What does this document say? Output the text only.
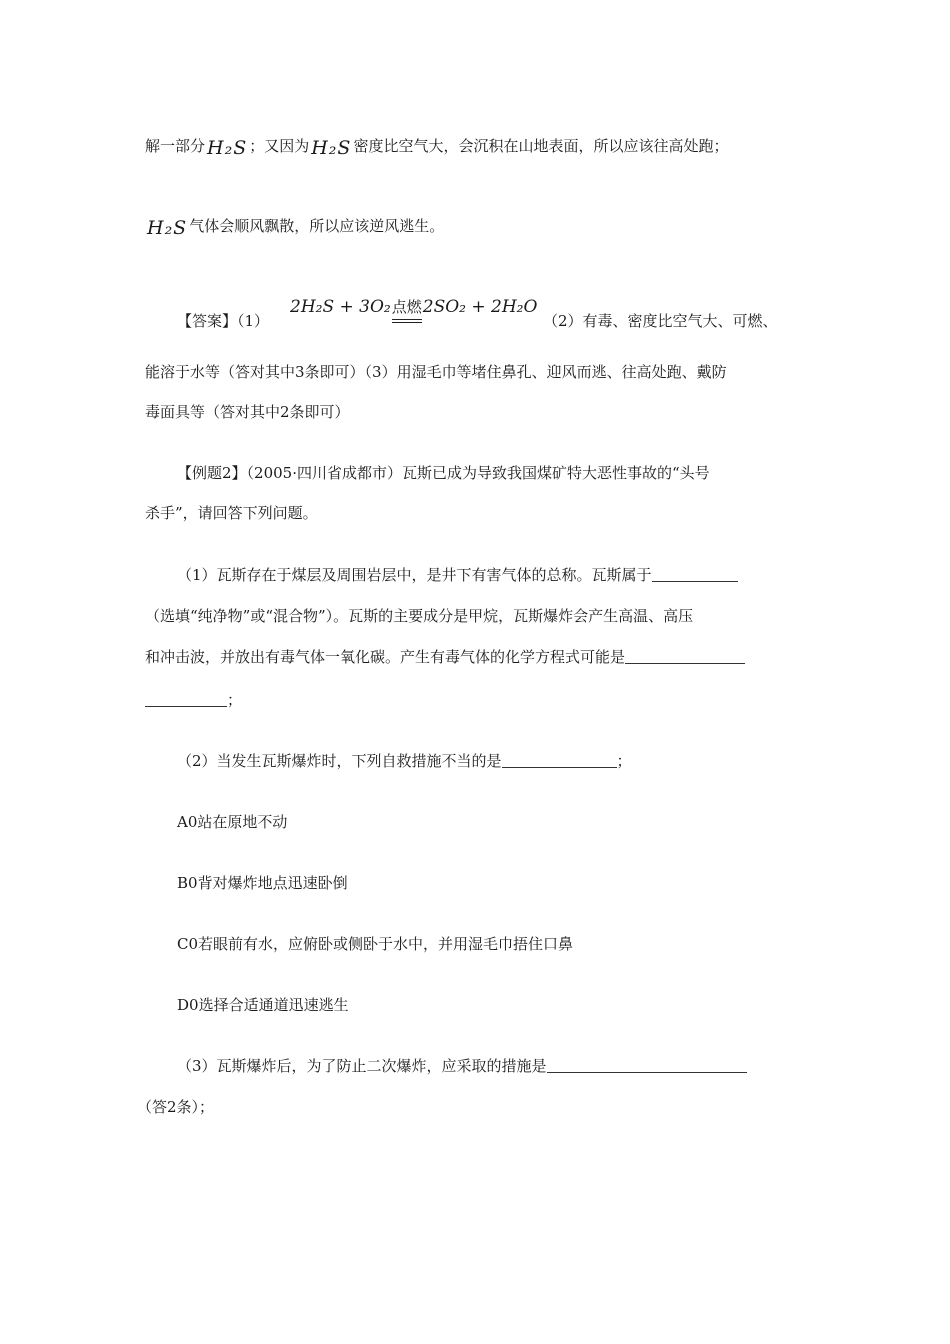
解一部分 H₂S ；又因为 H₂S 密度比空气大，会沉积在山地表面，所以应该往高处跑；
H₂S 气体会顺风飘散，所以应该逆风逃生。
【答案】（1）
2H₂S + 3O₂点燃2SO₂ + 2H₂O
（2）有毒、密度比空气大、可燃、
能溶于水等（答对其中3条即可）（3）用湿毛巾等堵住鼻孔、迎风而逃、往高处跑、戴防
毒面具等（答对其中2条即可）
【例题2】（2005·四川省成都市）瓦斯已成为导致我国煤矿特大恶性事故的“头号
杀手”，请回答下列问题。
（1）瓦斯存在于煤层及周围岩层中，是井下有害气体的总称。瓦斯属于
（选填“纯净物”或“混合物”）。瓦斯的主要成分是甲烷，瓦斯爆炸会产生高温、高压
和冲击波，并放出有毒气体一氧化碳。产生有毒气体的化学方程式可能是
；
（2）当发生瓦斯爆炸时，下列自救措施不当的是	；
A0站在原地不动
B0背对爆炸地点迅速卧倒
C0若眼前有水，应俯卧或侧卧于水中，并用湿毛巾捂住口鼻
D0选择合适通道迅速逃生
（3）瓦斯爆炸后，为了防止二次爆炸，应采取的措施是
（答2条）；
